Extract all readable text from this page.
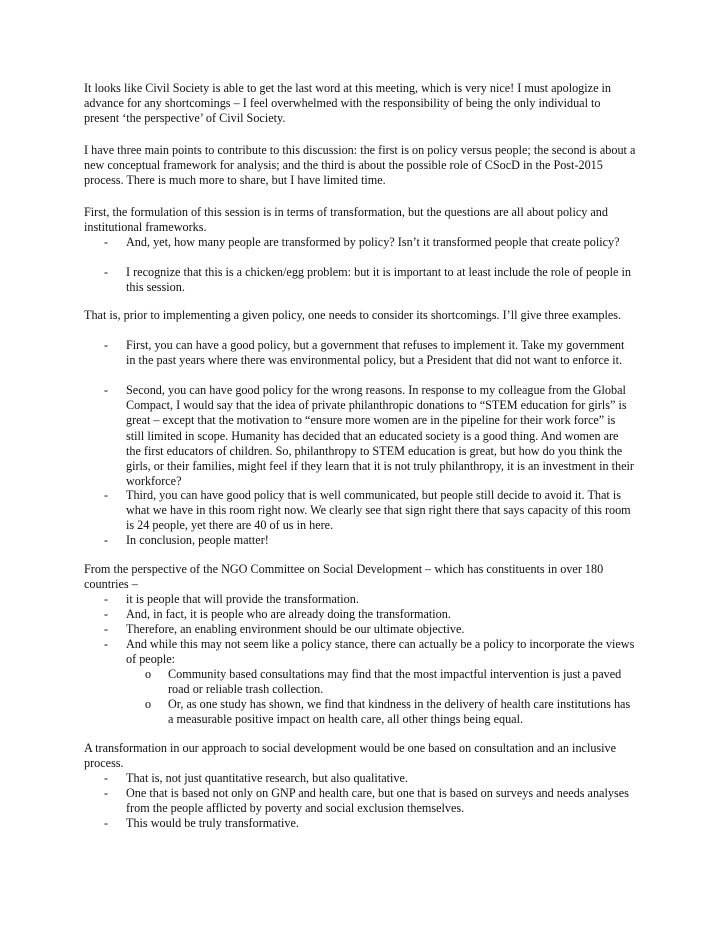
It looks like Civil Society is able to get the last word at this meeting, which is very nice! I must apologize in advance for any shortcomings – I feel overwhelmed with the responsibility of being the only individual to present ‘the perspective’ of Civil Society.

I have three main points to contribute to this discussion: the first is on policy versus people; the second is about a new conceptual framework for analysis; and the third is about the possible role of CSocD in the Post-2015 process. There is much more to share, but I have limited time.

First, the formulation of this session is in terms of transformation, but the questions are all about policy and institutional frameworks.

- And, yet, how many people are transformed by policy? Isn’t it transformed people that create policy?
- I recognize that this is a chicken/egg problem: but it is important to at least include the role of people in this session.

That is, prior to implementing a given policy, one needs to consider its shortcomings. I’ll give three examples.

- First, you can have a good policy, but a government that refuses to implement it. Take my government in the past years where there was environmental policy, but a President that did not want to enforce it.
- Second, you can have good policy for the wrong reasons. In response to my colleague from the Global Compact, I would say that the idea of private philanthropic donations to “STEM education for girls” is great – except that the motivation to “ensure more women are in the pipeline for their work force” is still limited in scope. Humanity has decided that an educated society is a good thing. And women are the first educators of children. So, philanthropy to STEM education is great, but how do you think the girls, or their families, might feel if they learn that it is not truly philanthropy, it is an investment in their workforce?
- Third, you can have good policy that is well communicated, but people still decide to avoid it. That is what we have in this room right now. We clearly see that sign right there that says capacity of this room is 24 people, yet there are 40 of us in here.
- In conclusion, people matter!

From the perspective of the NGO Committee on Social Development – which has constituents in over 180 countries –

- it is people that will provide the transformation.
- And, in fact, it is people who are already doing the transformation.
- Therefore, an enabling environment should be our ultimate objective.
- And while this may not seem like a policy stance, there can actually be a policy to incorporate the views of people:
o Community based consultations may find that the most impactful intervention is just a paved road or reliable trash collection.
o Or, as one study has shown, we find that kindness in the delivery of health care institutions has a measurable positive impact on health care, all other things being equal.

A transformation in our approach to social development would be one based on consultation and an inclusive process.

- That is, not just quantitative research, but also qualitative.
- One that is based not only on GNP and health care, but one that is based on surveys and needs analyses from the people afflicted by poverty and social exclusion themselves.
- This would be truly transformative.
